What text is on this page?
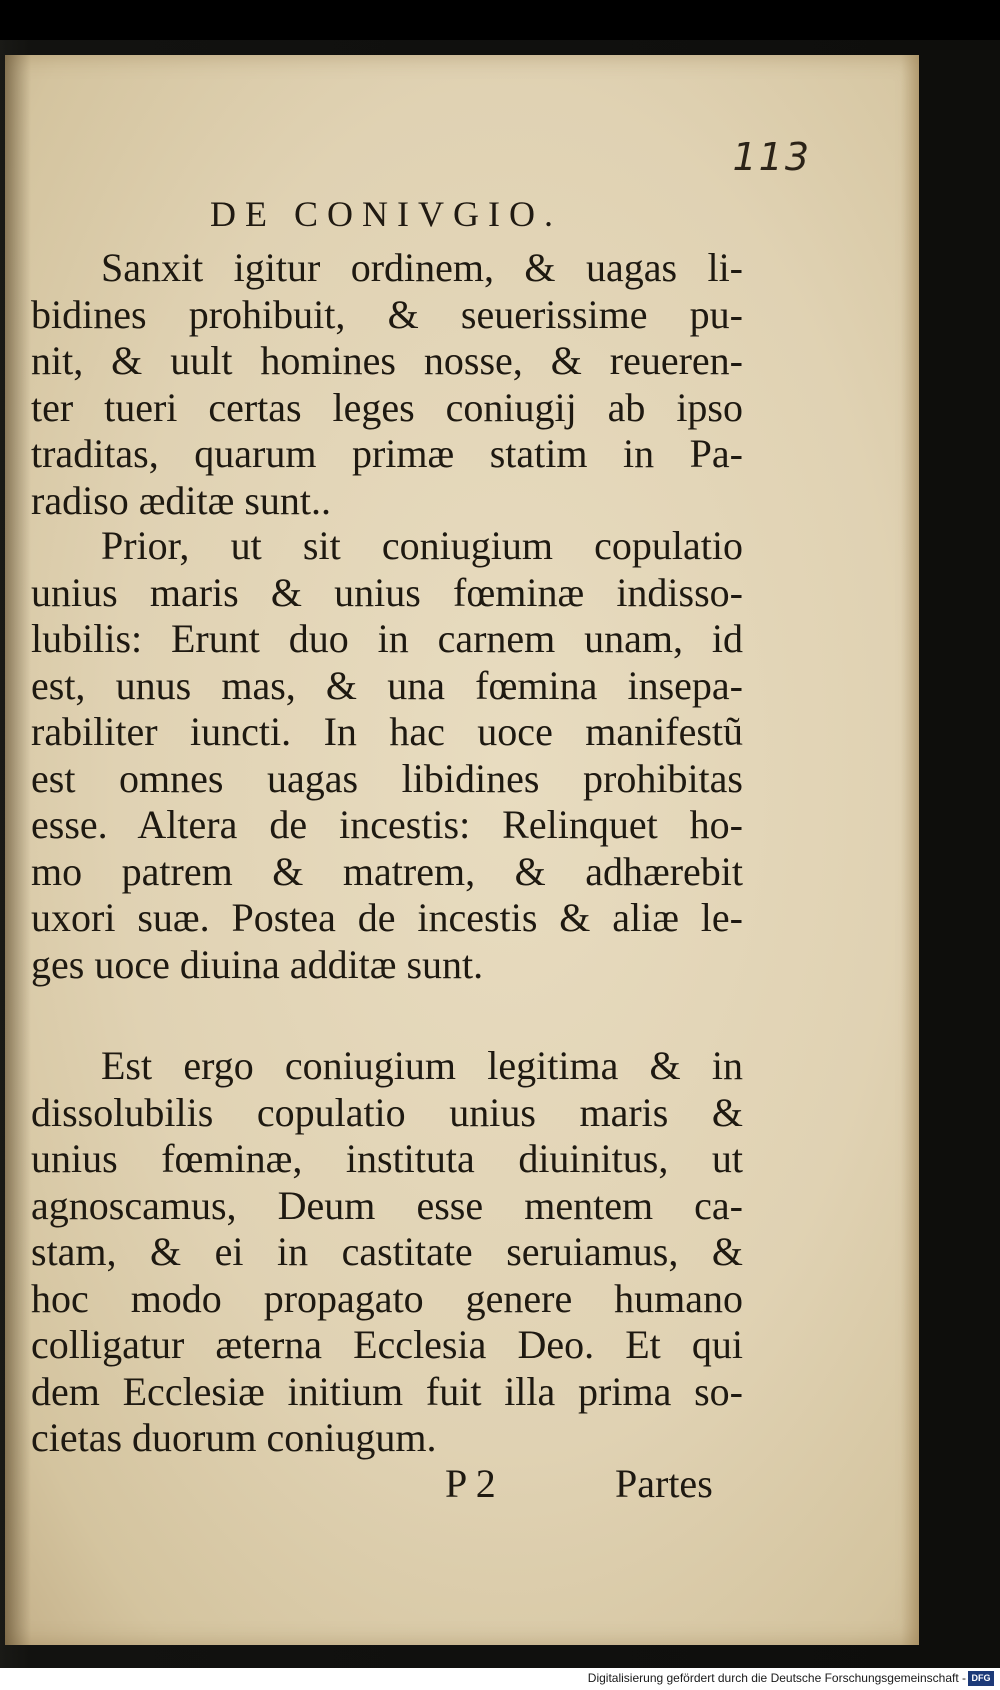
113
DE CONIVGIO.
Sanxit igitur ordinem, & uagas li-
bidines prohibuit, & seuerissime pu-
nit, & uult homines nosse, & reueren-
ter tueri certas leges coniugij ab ipso
traditas, quarum primæ statim in Pa-
radiso æditæ sunt..
Prior, ut sit coniugium copulatio
unius maris & unius fœminæ indisso-
lubilis: Erunt duo in carnem unam, id
est, unus mas, & una fœmina insepa-
rabiliter iuncti. In hac uoce manifestũ
est omnes uagas libidines prohibitas
esse. Altera de incestis: Relinquet ho-
mo patrem & matrem, & adhærebit
uxori suæ. Postea de incestis & aliæ le-
ges uoce diuina additæ sunt.
Est ergo coniugium legitima & in
dissolubilis copulatio unius maris &
unius fœminæ, instituta diuinitus, ut
agnoscamus, Deum esse mentem ca-
stam, & ei in castitate seruiamus, &
hoc modo propagato genere humano
colligatur æterna Ecclesia Deo. Et qui
dem Ecclesiæ initium fuit illa prima so-
cietas duorum coniugum.
P 2	Partes
Digitalisierung gefördert durch die Deutsche Forschungsgemeinschaft - DFG
